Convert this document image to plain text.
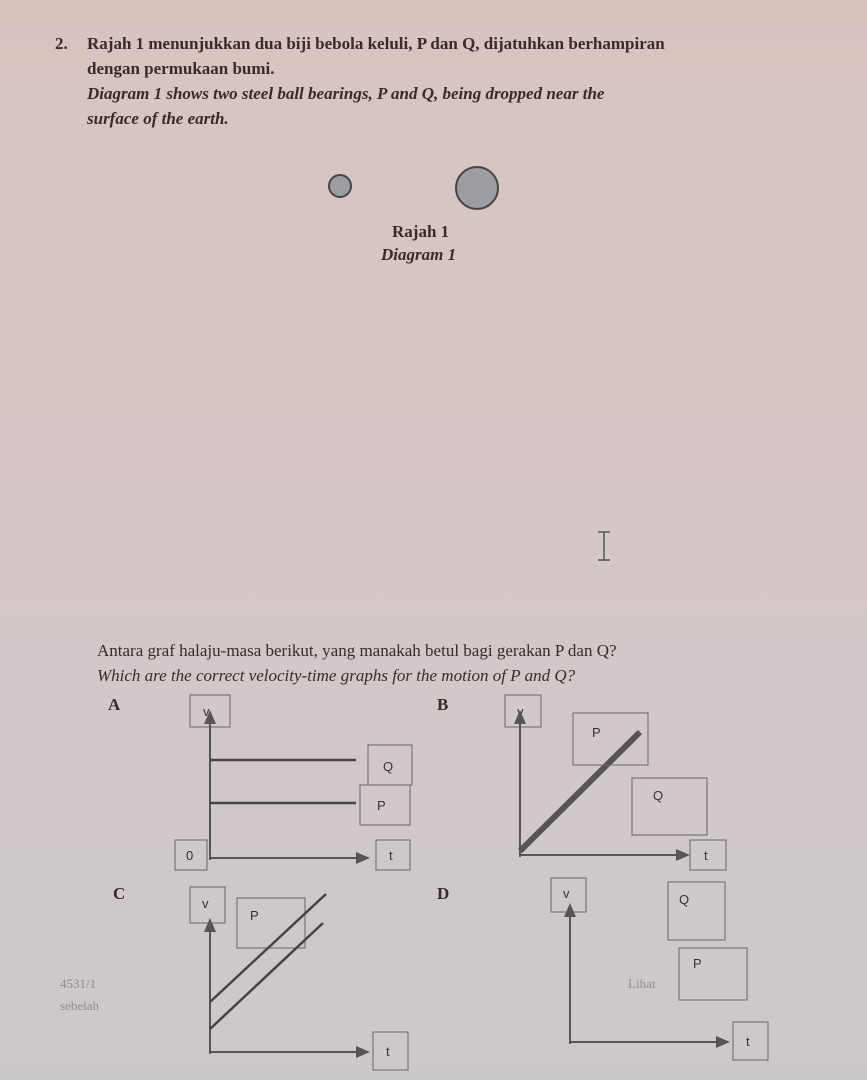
2. Rajah 1 menunjukkan dua biji bebola keluli, P dan Q, dijatuhkan berhampiran
dengan permukaan bumi.
Diagram 1 shows two steel ball bearings, P and Q, being dropped near the
surface of the earth.
Rajah 1
Diagram 1
Antara graf halaju-masa berikut, yang manakah betul bagi gerakan P dan Q?
Which are the correct velocity-time graphs for the motion of P and Q?
4531/1
sebelah
Lihat
A	v
Q
P
0	t
B	v
P
Q
t
C
v
P
t
D	v	Q
P
t
